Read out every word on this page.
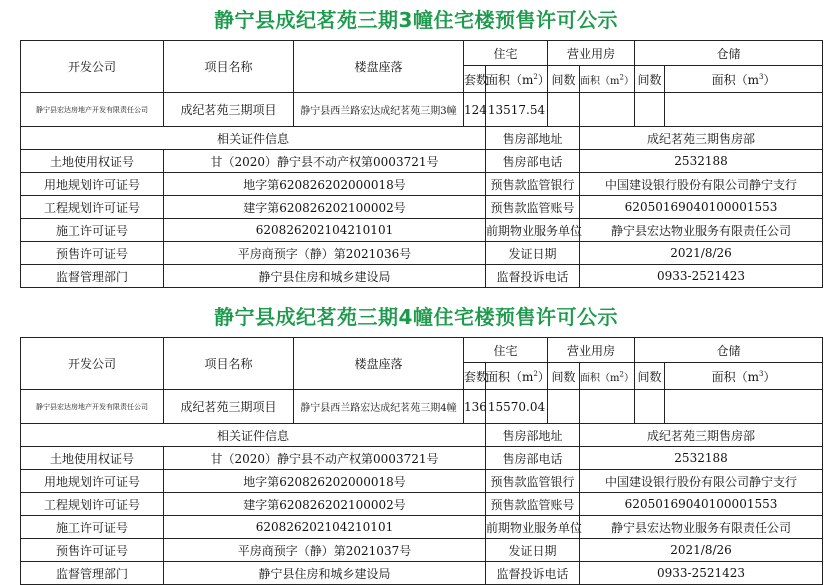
静宁县成纪茗苑三期3幢住宅楼预售许可公示
开发公司	项目名称	楼盘座落	住宅		营业用房		仓储	
			套数	面积$(m^2)$	间数	面积$(m^2)$	间数	面积$(m^3)$
静宁县宏达房地产开发有限责任公司	成纪茗苑三期项目	静宁县西兰路宏达成纪茗苑三期3幢	124	13517.54				
相关证件信息				售房部地址		成纪茗苑三期售房部		
土地使用权证号	甘（2020）静宁县不动产权第0003721号			售房部电话		2532188		
用地规划许可证号	地字第620826202000018号			预售款监管银行		中国建设银行股份有限公司静宁支行		
工程规划许可证号	建字第620826202100002号			预售款监管账号		62050169040100001553		
施工许可证号	620826202104210101			前期物业服务单位		静宁县宏达物业服务有限责任公司		
预售许可证号	平房商预字（静）第2021036号			发证日期		2021/8/26		
监督管理部门	静宁县住房和城乡建设局			监督投诉电话		0933-2521423		
静宁县成纪茗苑三期4幢住宅楼预售许可公示
开发公司	项目名称	楼盘座落	住宅		营业用房		仓储	
			套数	面积$(m^2)$	间数	面积$(m^2)$	间数	面积$(m^3)$
静宁县宏达房地产开发有限责任公司	成纪茗苑三期项目	静宁县西兰路宏达成纪茗苑三期4幢	136	15570.04				
相关证件信息				售房部地址		成纪茗苑三期售房部		
土地使用权证号	甘（2020）静宁县不动产权第0003721号			售房部电话		2532188		
用地规划许可证号	地字第620826202000018号			预售款监管银行		中国建设银行股份有限公司静宁支行		
工程规划许可证号	建字第620826202100002号			预售款监管账号		62050169040100001553		
施工许可证号	620826202104210101			前期物业服务单位		静宁县宏达物业服务有限责任公司		
预售许可证号	平房商预字（静）第2021037号			发证日期		2021/8/26		
监督管理部门	静宁县住房和城乡建设局			监督投诉电话		0933-2521423		
